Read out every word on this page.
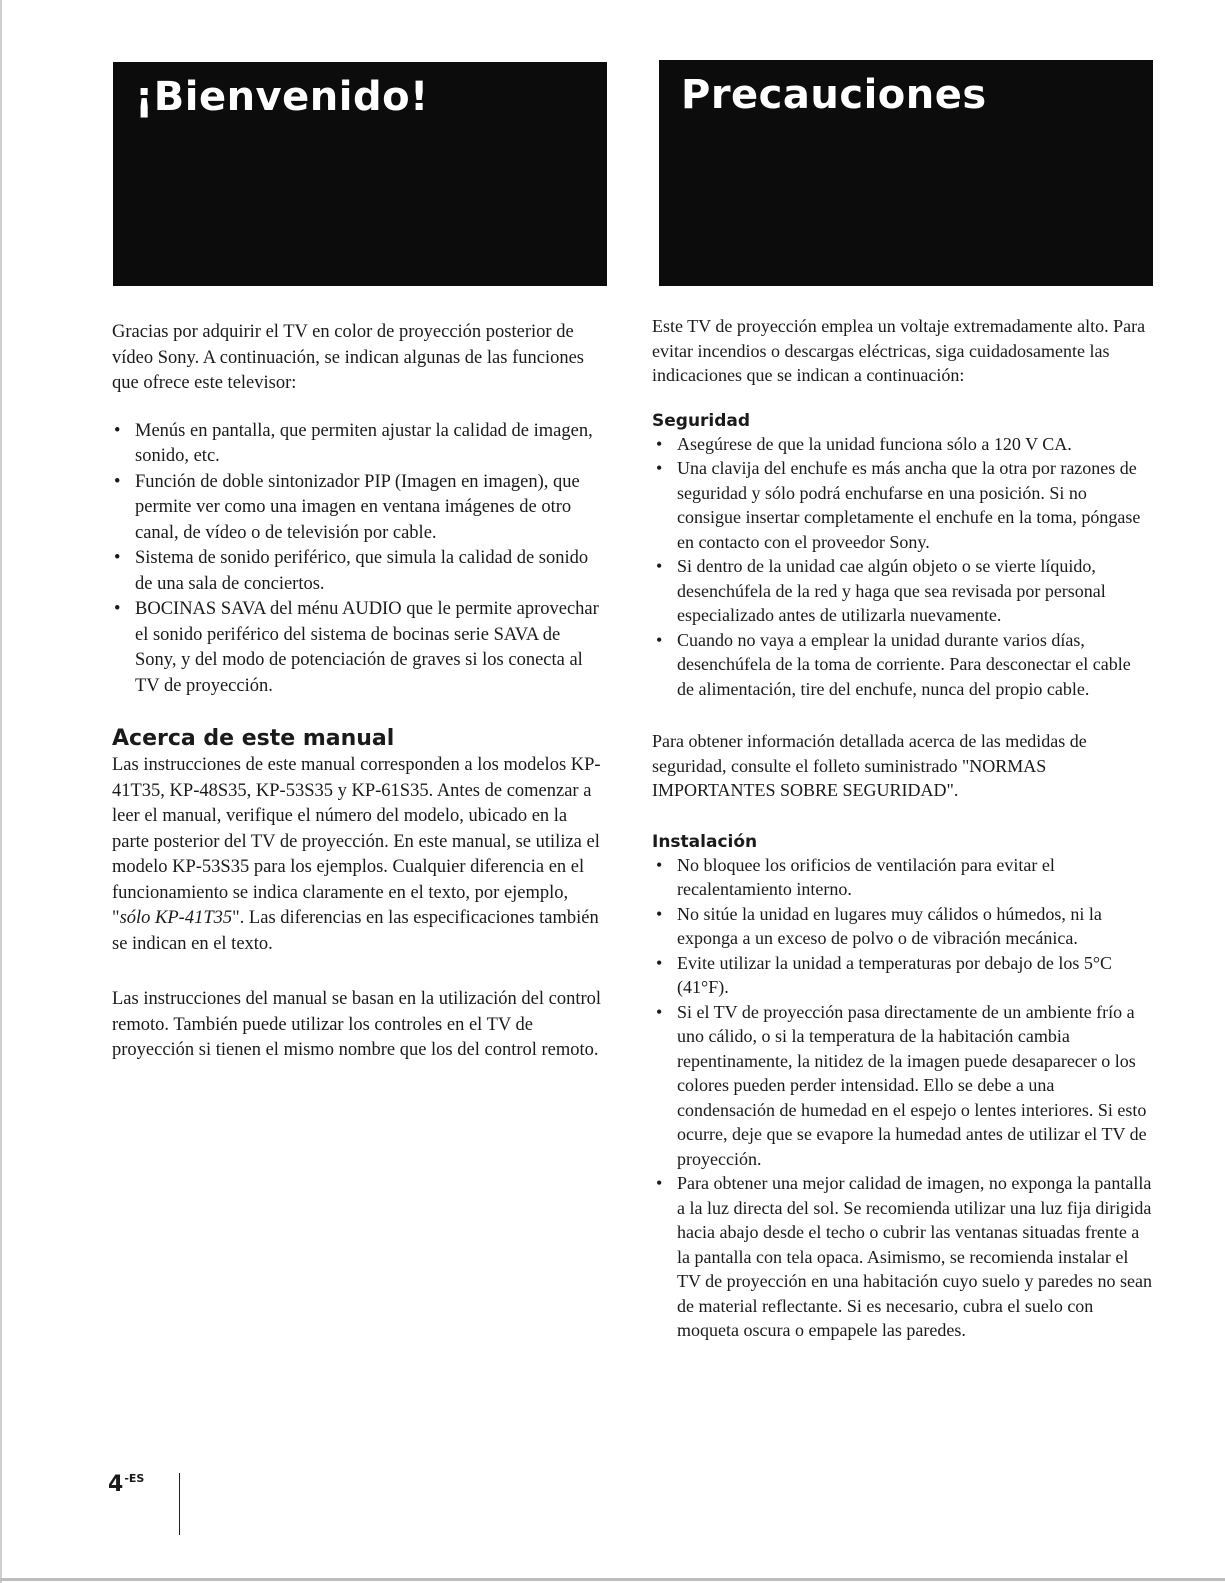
¡Bienvenido!	Precauciones

Gracias por adquirir el TV en color de proyección posterior de vídeo Sony. A continuación, se indican algunas de las funciones que ofrece este televisor:

• Menús en pantalla, que permiten ajustar la calidad de imagen, sonido, etc.
• Función de doble sintonizador PIP (Imagen en imagen), que permite ver como una imagen en ventana imágenes de otro canal, de vídeo o de televisión por cable.
• Sistema de sonido periférico, que simula la calidad de sonido de una sala de conciertos.
• BOCINAS SAVA del ménu AUDIO que le permite aprovechar el sonido periférico del sistema de bocinas serie SAVA de Sony, y del modo de potenciación de graves si los conecta al TV de proyección.
Acerca de este manual

Las instrucciones de este manual corresponden a los modelos KP-41T35, KP-48S35, KP-53S35 y KP-61S35. Antes de comenzar a leer el manual, verifique el número del modelo, ubicado en la parte posterior del TV de proyección. En este manual, se utiliza el modelo KP-53S35 para los ejemplos. Cualquier diferencia en el funcionamiento se indica claramente en el texto, por ejemplo, "sólo KP-41T35". Las diferencias en las especificaciones también se indican en el texto.

Las instrucciones del manual se basan en la utilización del control remoto. También puede utilizar los controles en el TV de proyección si tienen el mismo nombre que los del control remoto.

Este TV de proyección emplea un voltaje extremadamente alto. Para evitar incendios o descargas eléctricas, siga cuidadosamente las indicaciones que se indican a continuación:

Seguridad
• Asegúrese de que la unidad funciona sólo a 120 V CA.
• Una clavija del enchufe es más ancha que la otra por razones de seguridad y sólo podrá enchufarse en una posición. Si no consigue insertar completamente el enchufe en la toma, póngase en contacto con el proveedor Sony.
• Si dentro de la unidad cae algún objeto o se vierte líquido, desenchúfela de la red y haga que sea revisada por personal especializado antes de utilizarla nuevamente.
• Cuando no vaya a emplear la unidad durante varios días, desenchúfela de la toma de corriente. Para desconectar el cable de alimentación, tire del enchufe, nunca del propio cable.

Para obtener información detallada acerca de las medidas de seguridad, consulte el folleto suministrado "NORMAS IMPORTANTES SOBRE SEGURIDAD".

Instalación
• No bloquee los orificios de ventilación para evitar el recalentamiento interno.
• No sitúe la unidad en lugares muy cálidos o húmedos, ni la exponga a un exceso de polvo o de vibración mecánica.
• Evite utilizar la unidad a temperaturas por debajo de los 5°C (41°F).
• Si el TV de proyección pasa directamente de un ambiente frío a uno cálido, o si la temperatura de la habitación cambia repentinamente, la nitidez de la imagen puede desaparecer o los colores pueden perder intensidad. Ello se debe a una condensación de humedad en el espejo o lentes interiores. Si esto ocurre, deje que se evapore la humedad antes de utilizar el TV de proyección.
• Para obtener una mejor calidad de imagen, no exponga la pantalla a la luz directa del sol. Se recomienda utilizar una luz fija dirigida hacia abajo desde el techo o cubrir las ventanas situadas frente a la pantalla con tela opaca. Asimismo, se recomienda instalar el TV de proyección en una habitación cuyo suelo y paredes no sean de material reflectante. Si es necesario, cubra el suelo con moqueta oscura o empapele las paredes.
$4^{-ES}$
